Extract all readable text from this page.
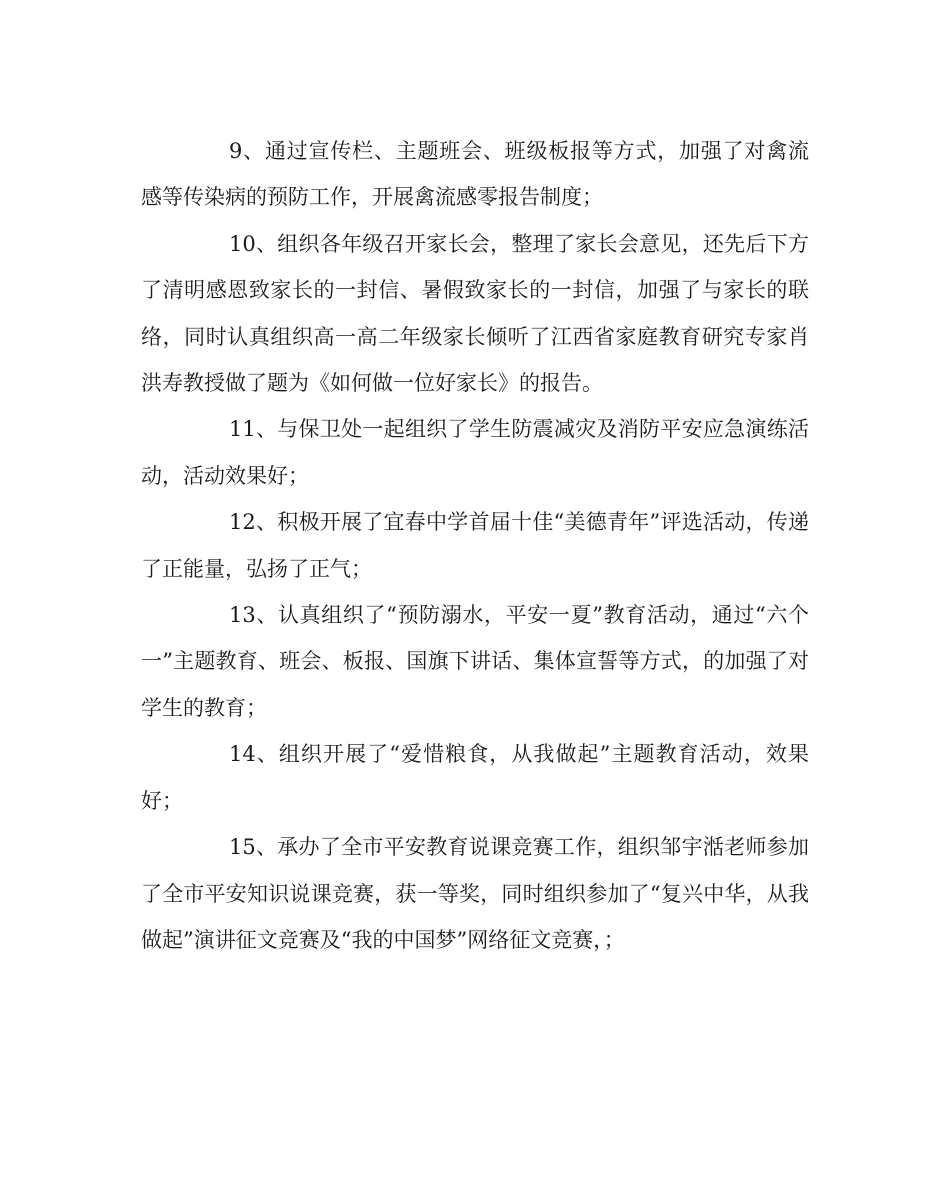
9、通过宣传栏、主题班会、班级板报等方式，加强了对禽流感等传染病的预防工作，开展禽流感零报告制度；

10、组织各年级召开家长会，整理了家长会意见，还先后下方了清明感恩致家长的一封信、暑假致家长的一封信，加强了与家长的联络，同时认真组织高一高二年级家长倾听了江西省家庭教育研究专家肖洪寿教授做了题为《如何做一位好家长》的报告。

11、与保卫处一起组织了学生防震减灾及消防平安应急演练活动，活动效果好；

12、积极开展了宜春中学首届十佳“美德青年”评选活动，传递了正能量，弘扬了正气；

13、认真组织了“预防溺水，平安一夏”教育活动，通过“六个一”主题教育、班会、板报、国旗下讲话、集体宣誓等方式，的加强了对学生的教育；

14、组织开展了“爱惜粮食，从我做起”主题教育活动，效果好；

15、承办了全市平安教育说课竞赛工作，组织邹宇湉老师参加了全市平安知识说课竞赛，获一等奖，同时组织参加了“复兴中华，从我做起”演讲征文竞赛及“我的中国梦”网络征文竞赛，；
